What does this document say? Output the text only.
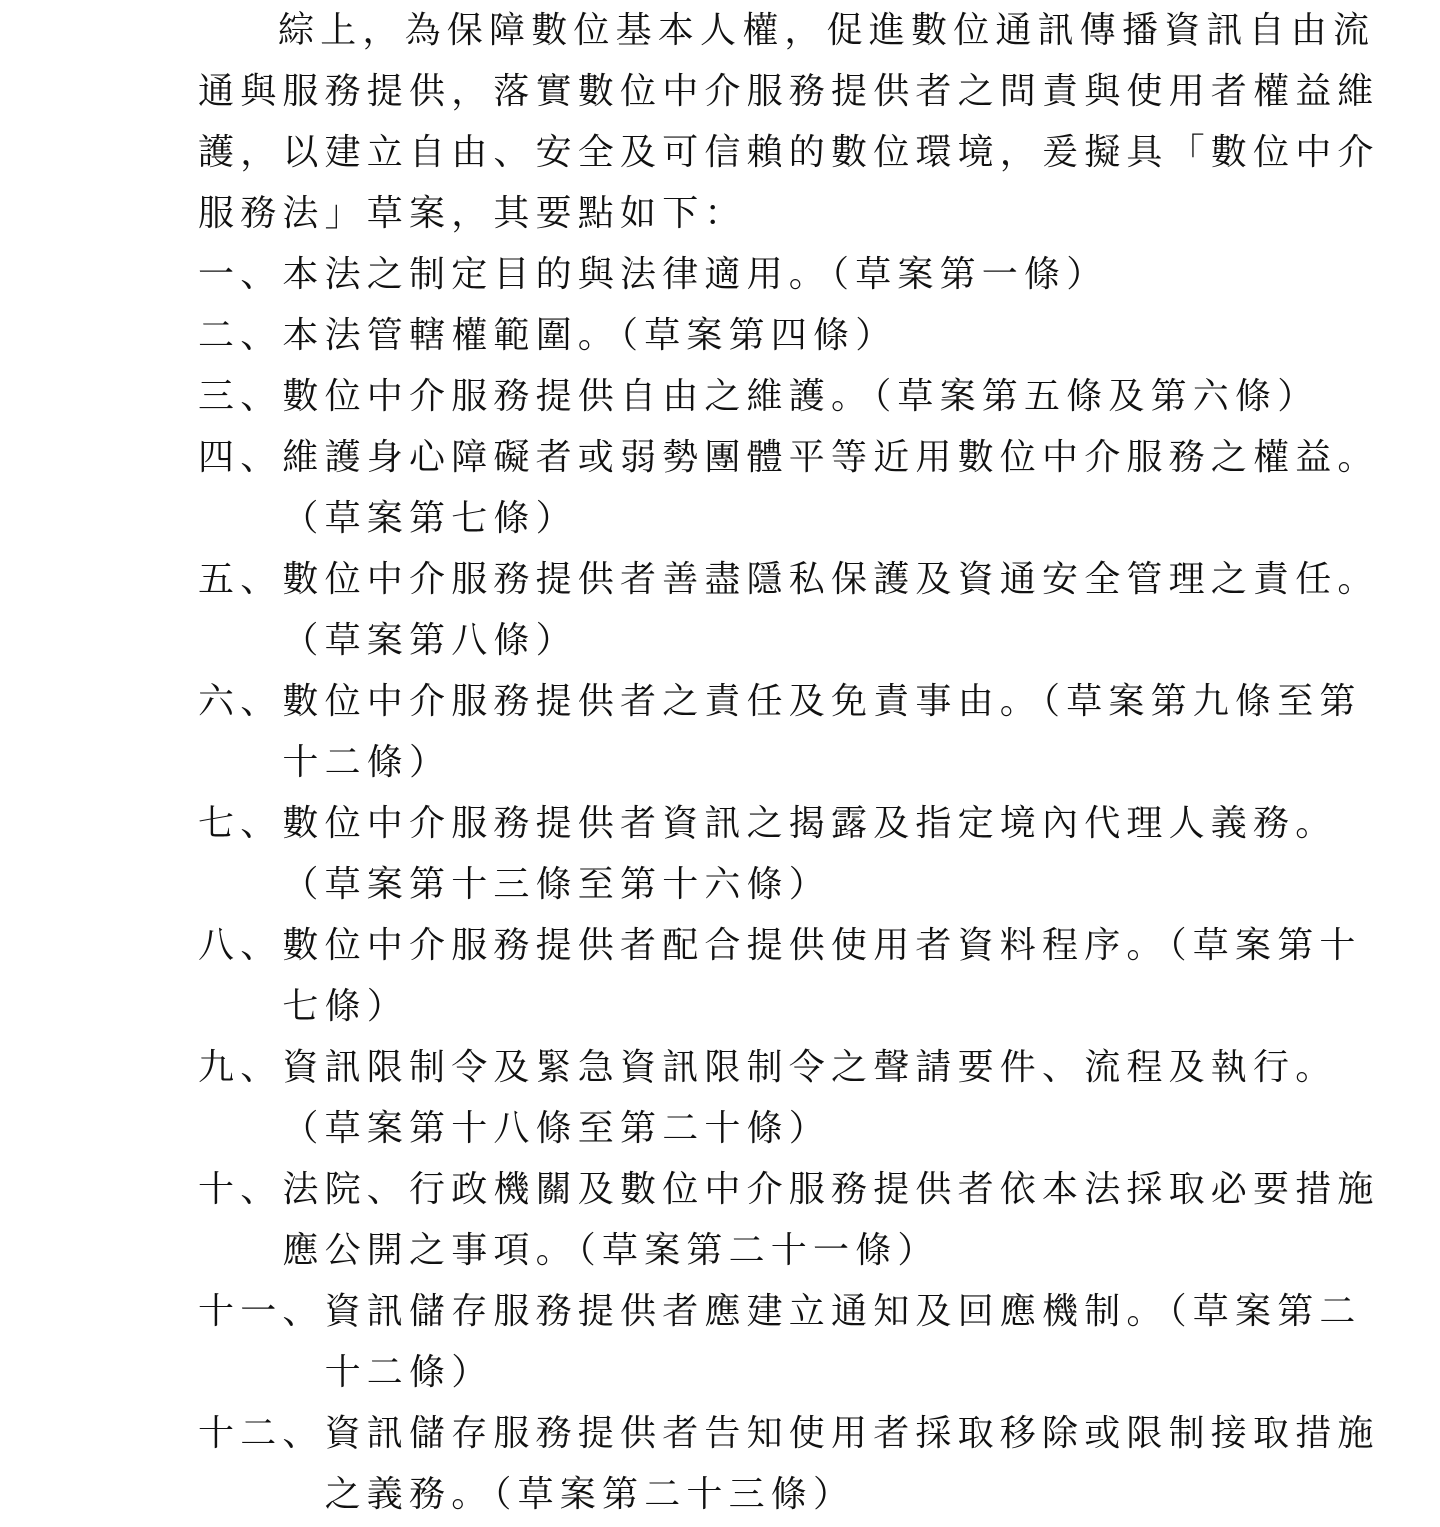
綜上，為保障數位基本人權，促進數位通訊傳播資訊自由流通與服務提供，落實數位中介服務提供者之問責與使用者權益維護，以建立自由、安全及可信賴的數位環境，爰擬具「數位中介服務法」草案，其要點如下：

一、 本法之制定目的與法律適用。（草案第一條）
二、 本法管轄權範圍。（草案第四條）
三、 數位中介服務提供自由之維護。（草案第五條及第六條）
四、 維護身心障礙者或弱勢團體平等近用數位中介服務之權益。（草案第七條）
五、 數位中介服務提供者善盡隱私保護及資通安全管理之責任。（草案第八條）
六、 數位中介服務提供者之責任及免責事由。（草案第九條至第十二條）
七、 數位中介服務提供者資訊之揭露及指定境內代理人義務。（草案第十三條至第十六條）
八、 數位中介服務提供者配合提供使用者資料程序。（草案第十七條）
九、 資訊限制令及緊急資訊限制令之聲請要件、流程及執行。（草案第十八條至第二十條）
十、 法院、行政機關及數位中介服務提供者依本法採取必要措施應公開之事項。（草案第二十一條）
十一、 資訊儲存服務提供者應建立通知及回應機制。（草案第二十二條）
十二、 資訊儲存服務提供者告知使用者採取移除或限制接取措施之義務。（草案第二十三條）
